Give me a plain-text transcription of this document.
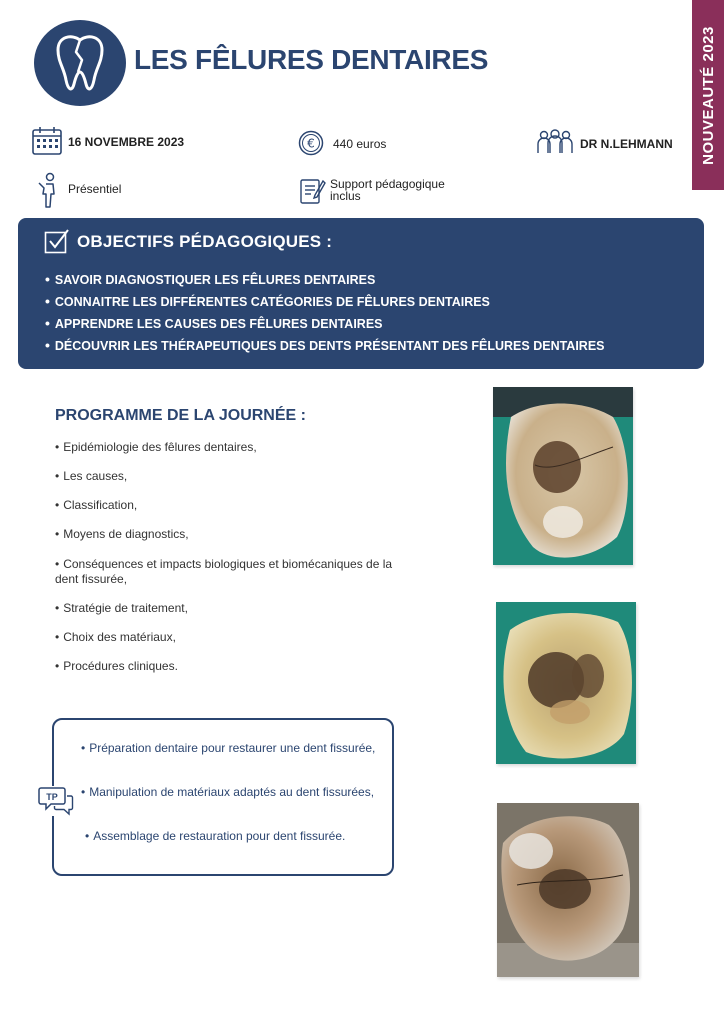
LES FÊLURES DENTAIRES	NOUVEAUTÉ 2023
16 NOVEMBRE 2023	€ 440 euros	DR N.LEHMANN
Présentiel	Support pédagogique
inclus
OBJECTIFS PÉDAGOGIQUES :
• SAVOIR DIAGNOSTIQUER LES FÊLURES DENTAIRES
• CONNAITRE LES DIFFÉRENTES CATÉGORIES DE FÊLURES DENTAIRES
• APPRENDRE LES CAUSES DES FÊLURES DENTAIRES
• DÉCOUVRIR LES THÉRAPEUTIQUES DES DENTS PRÉSENTANT DES FÊLURES DENTAIRES
PROGRAMME DE LA JOURNÉE :
• Epidémiologie des fêlures dentaires,
• Les causes,
• Classification,
• Moyens de diagnostics,
• Conséquences et impacts biologiques et biomécaniques de la dent fissurée,
• Stratégie de traitement,
• Choix des matériaux,
• Procédures cliniques.
TP
• Préparation dentaire pour restaurer une dent fissurée,
• Manipulation de matériaux adaptés au dent fissurées,
• Assemblage de restauration pour dent fissurée.
